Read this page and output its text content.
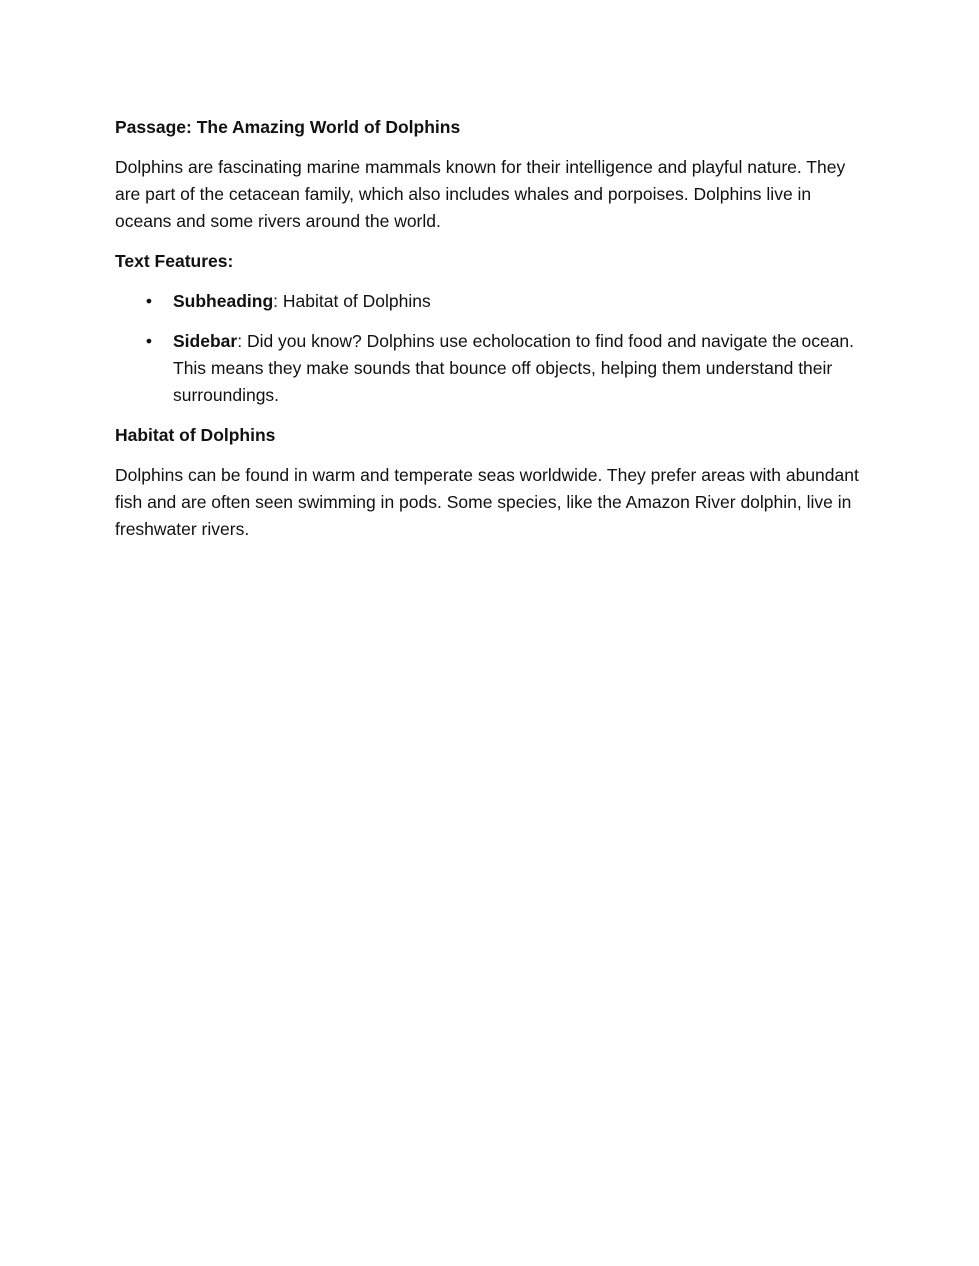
Passage: The Amazing World of Dolphins

Dolphins are fascinating marine mammals known for their intelligence and playful nature. They are part of the cetacean family, which also includes whales and porpoises. Dolphins live in oceans and some rivers around the world.

Text Features:

• Subheading: Habitat of Dolphins
• Sidebar: Did you know? Dolphins use echolocation to find food and navigate the ocean. This means they make sounds that bounce off objects, helping them understand their surroundings.

Habitat of Dolphins

Dolphins can be found in warm and temperate seas worldwide. They prefer areas with abundant fish and are often seen swimming in pods. Some species, like the Amazon River dolphin, live in freshwater rivers.
